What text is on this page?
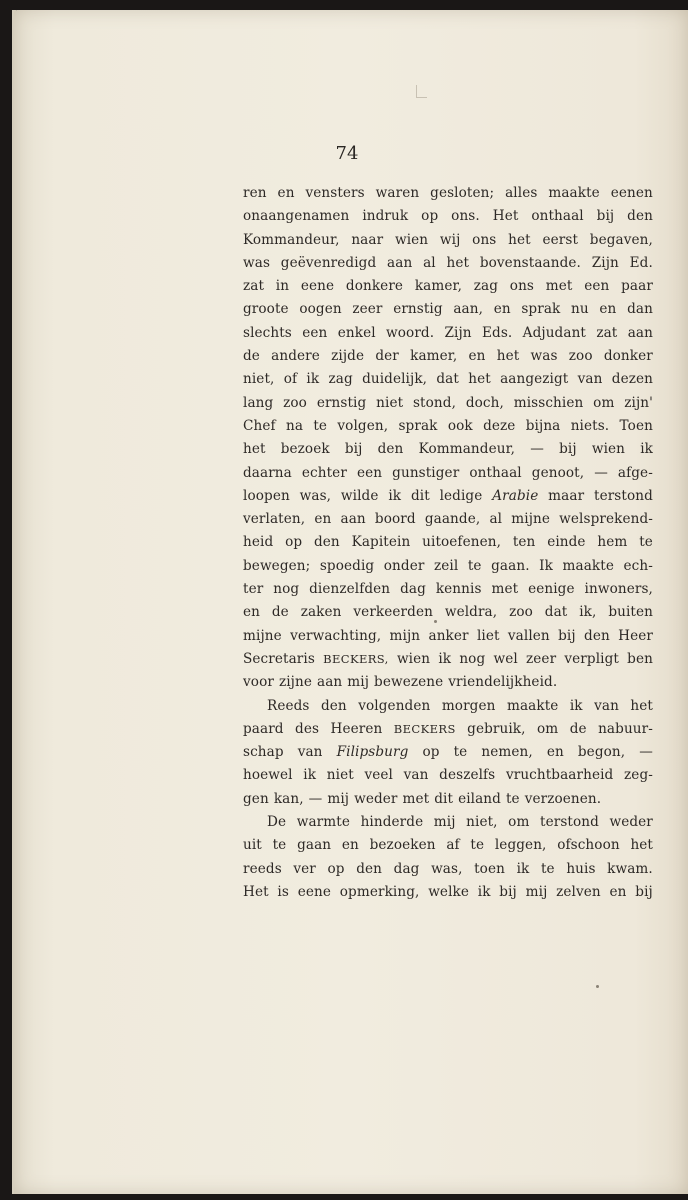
74
ren en vensters waren gesloten; alles maakte eenen
onaangenamen indruk op ons. Het onthaal bij den
Kommandeur, naar wien wij ons het eerst begaven,
was geëvenredigd aan al het bovenstaande. Zijn Ed.
zat in eene donkere kamer, zag ons met een paar
groote oogen zeer ernstig aan, en sprak nu en dan
slechts een enkel woord. Zijn Eds. Adjudant zat aan
de andere zijde der kamer, en het was zoo donker
niet, of ik zag duidelijk, dat het aangezigt van dezen
lang zoo ernstig niet stond, doch, misschien om zijn'
Chef na te volgen, sprak ook deze bijna niets. Toen
het bezoek bij den Kommandeur, — bij wien ik
daarna echter een gunstiger onthaal genoot, — afge-
loopen was, wilde ik dit ledige Arabie maar terstond
verlaten, en aan boord gaande, al mijne welsprekend-
heid op den Kapitein uitoefenen, ten einde hem te
bewegen; spoedig onder zeil te gaan. Ik maakte ech-
ter nog dienzelfden dag kennis met eenige inwoners,
en de zaken verkeerden weldra, zoo dat ik, buiten
mijne verwachting, mijn anker liet vallen bij den Heer
Secretaris BECKERS, wien ik nog wel zeer verpligt ben
voor zijne aan mij bewezene vriendelijkheid.
Reeds den volgenden morgen maakte ik van het
paard des Heeren BECKERS gebruik, om de nabuur-
schap van Filipsburg op te nemen, en begon, —
hoewel ik niet veel van deszelfs vruchtbaarheid zeg-
gen kan, — mij weder met dit eiland te verzoenen.
De warmte hinderde mij niet, om terstond weder
uit te gaan en bezoeken af te leggen, ofschoon het
reeds ver op den dag was, toen ik te huis kwam.
Het is eene opmerking, welke ik bij mij zelven en bij
